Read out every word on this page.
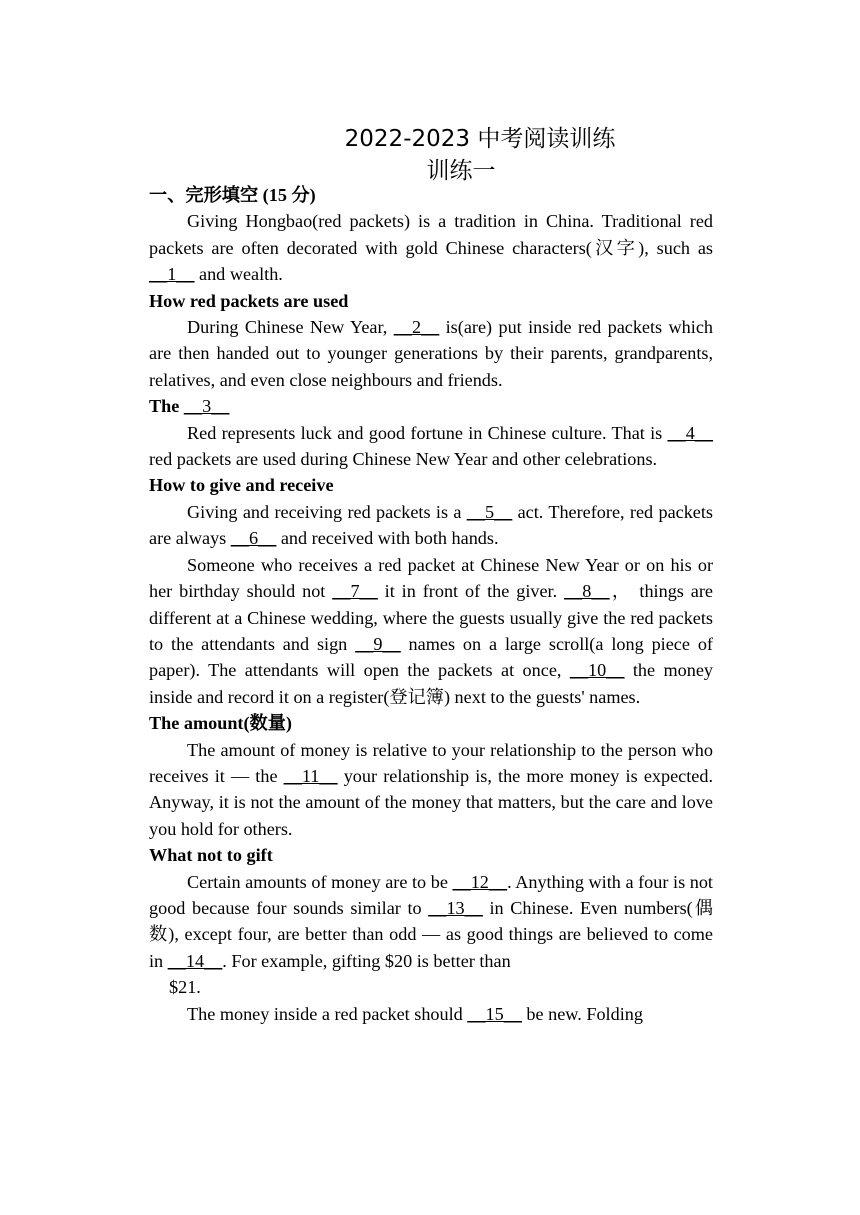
2022-2023 中考阅读训练
训练一

一、完形填空 (15 分)

Giving Hongbao(red packets) is a tradition in China. Traditional red packets are often decorated with gold Chinese characters(汉字), such as __1__ and wealth.

How red packets are used

During Chinese New Year, __2__ is(are) put inside red packets which are then handed out to younger generations by their parents, grandparents, relatives, and even close neighbours and friends.

The __3__

Red represents luck and good fortune in Chinese culture. That is __4__ red packets are used during Chinese New Year and other celebrations.

How to give and receive

Giving and receiving red packets is a __5__ act. Therefore, red packets are always __6__ and received with both hands.

Someone who receives a red packet at Chinese New Year or on his or her birthday should not __7__ it in front of the giver. __8__， things are different at a Chinese wedding, where the guests usually give the red packets to the attendants and sign __9__ names on a large scroll(a long piece of paper). The attendants will open the packets at once, __10__ the money inside and record it on a register(登记簿) next to the guests' names.

The amount(数量)

The amount of money is relative to your relationship to the person who receives it — the __11__ your relationship is, the more money is expected. Anyway, it is not the amount of the money that matters, but the care and love you hold for others.

What not to gift

Certain amounts of money are to be __12__. Anything with a four is not good because four sounds similar to __13__ in Chinese. Even numbers(偶数), except four, are better than odd — as good things are believed to come in __14__. For example, gifting $20 is better than

$21.

The money inside a red packet should __15__ be new. Folding
